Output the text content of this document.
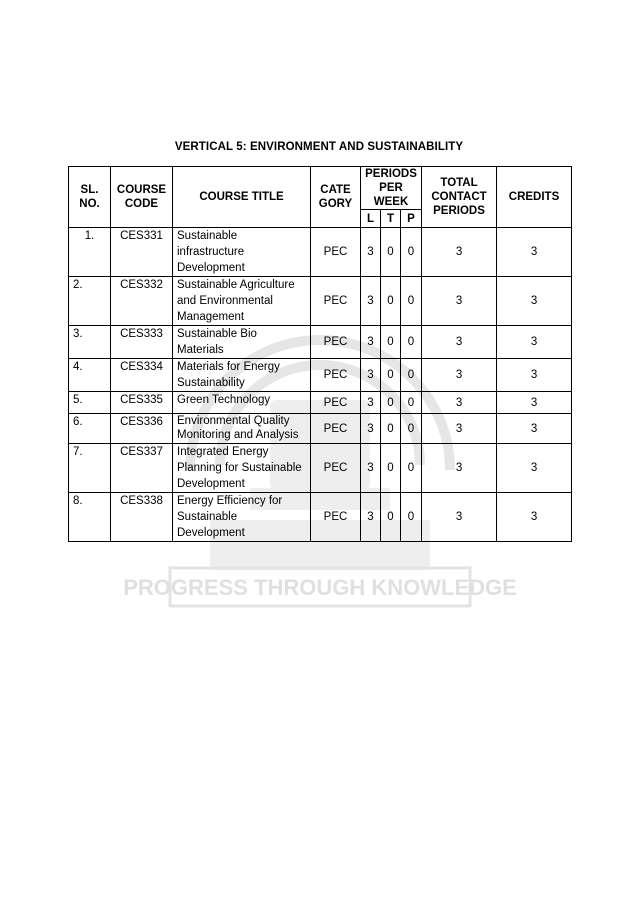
PROGRESS THROUGH KNOWLEDGE
VERTICAL 5: ENVIRONMENT AND SUSTAINABILITY
SL. NO.	COURSE CODE	COURSE TITLE	CATE GORY	PERIODS PER WEEK			TOTAL CONTACT PERIODS	CREDITS
				L	T	P		
1.	CES331	Sustainable infrastructure Development	PEC	3	0	0	3	3
2.	CES332	Sustainable Agriculture and Environmental Management	PEC	3	0	0	3	3
3.	CES333	Sustainable Bio Materials	PEC	3	0	0	3	3
4.	CES334	Materials for Energy Sustainability	PEC	3	0	0	3	3
5.	CES335	Green Technology	PEC	3	0	0	3	3
6.	CES336	Environmental Quality Monitoring and Analysis	PEC	3	0	0	3	3
7.	CES337	Integrated Energy Planning for Sustainable Development	PEC	3	0	0	3	3
8.	CES338	Energy Efficiency for Sustainable Development	PEC	3	0	0	3	3
